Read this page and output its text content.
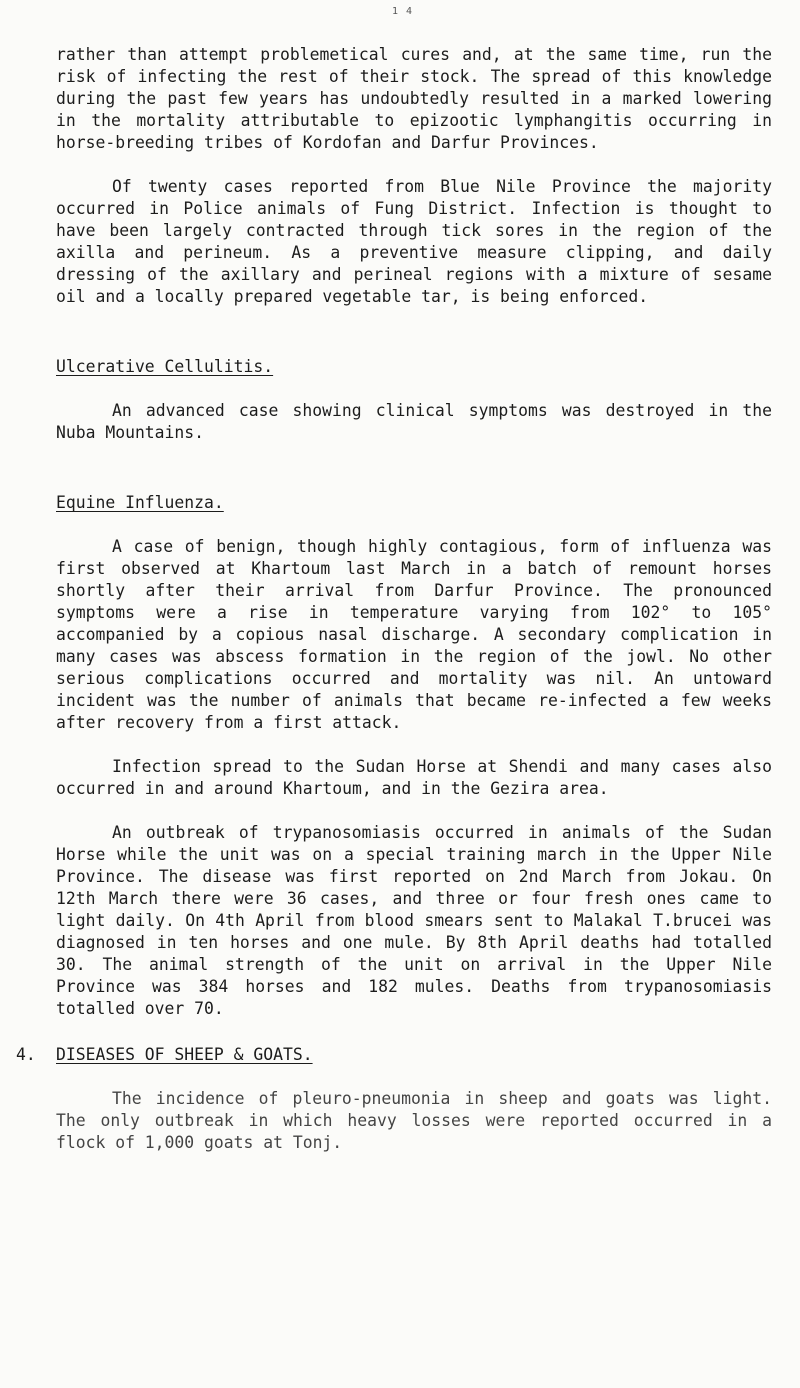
1 4

rather than attempt problemetical cures and, at the same time, run the risk of infecting the rest of their stock. The spread of this knowledge during the past few years has undoubtedly resulted in a marked lowering in the mortality attributable to epizootic lymphangitis occurring in horse-breeding tribes of Kordofan and Darfur Provinces.

Of twenty cases reported from Blue Nile Province the majority occurred in Police animals of Fung District. Infection is thought to have been largely contracted through tick sores in the region of the axilla and perineum. As a preventive measure clipping, and daily dressing of the axillary and perineal regions with a mixture of sesame oil and a locally prepared vegetable tar, is being enforced.

Ulcerative Cellulitis.

An advanced case showing clinical symptoms was destroyed in the Nuba Mountains.

Equine Influenza.

A case of benign, though highly contagious, form of influenza was first observed at Khartoum last March in a batch of remount horses shortly after their arrival from Darfur Province. The pronounced symptoms were a rise in temperature varying from 102° to 105° accompanied by a copious nasal discharge. A secondary complication in many cases was abscess formation in the region of the jowl. No other serious complications occurred and mortality was nil. An untoward incident was the number of animals that became re-infected a few weeks after recovery from a first attack.

Infection spread to the Sudan Horse at Shendi and many cases also occurred in and around Khartoum, and in the Gezira area.

An outbreak of trypanosomiasis occurred in animals of the Sudan Horse while the unit was on a special training march in the Upper Nile Province. The disease was first reported on 2nd March from Jokau. On 12th March there were 36 cases, and three or four fresh ones came to light daily. On 4th April from blood smears sent to Malakal T.brucei was diagnosed in ten horses and one mule. By 8th April deaths had totalled 30. The animal strength of the unit on arrival in the Upper Nile Province was 384 horses and 182 mules. Deaths from trypanosomiasis totalled over 70.

4. DISEASES OF SHEEP & GOATS.

The incidence of pleuro-pneumonia in sheep and goats was light. The only outbreak in which heavy losses were reported occurred in a flock of 1,000 goats at Tonj.
